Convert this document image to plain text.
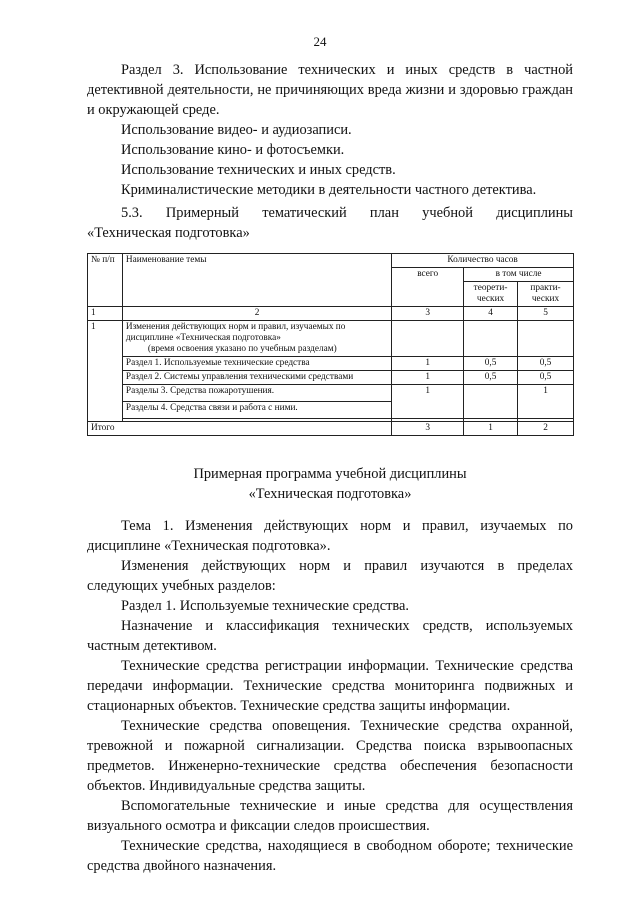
24

Раздел 3. Использование технических и иных средств в частной детективной деятельности, не причиняющих вреда жизни и здоровью граждан и окружающей среде.

Использование видео- и аудиозаписи.

Использование кино- и фотосъемки.

Использование технических и иных средств.

Криминалистические методики в деятельности частного детектива.

5.3. Примерный тематический план учебной дисциплины
«Техническая подготовка»
№ п/п	Наименование темы	Количество часов		
		всего	в том числе	
			теорети-ческих	практи-ческих
1	2	3	4	5
1	Изменения действующих норм и правил, изучаемых по дисциплине «Техническая подготовка»
(время освоения указано по учебным разделам)			

	Раздел 1. Используемые технические средства	1	0,5	0,5
	Раздел 2. Системы управления техническими средствами	1	0,5	0,5
	Разделы 3. Средства пожаротушения.	1		1
	Разделы 4. Средства связи и работа с ними.			

Итого		3	1	2
Примерная программа учебной дисциплины
«Техническая подготовка»

Тема 1. Изменения действующих норм и правил, изучаемых по дисциплине «Техническая подготовка».

Изменения действующих норм и правил изучаются в пределах следующих учебных разделов:

Раздел 1. Используемые технические средства.

Назначение и классификация технических средств, используемых частным детективом.

Технические средства регистрации информации. Технические средства передачи информации. Технические средства мониторинга подвижных и стационарных объектов. Технические средства защиты информации.

Технические средства оповещения. Технические средства охранной, тревожной и пожарной сигнализации. Средства поиска взрывоопасных предметов. Инженерно-технические средства обеспечения безопасности объектов. Индивидуальные средства защиты.

Вспомогательные технические и иные средства для осуществления визуального осмотра и фиксации следов происшествия.

Технические средства, находящиеся в свободном обороте; технические средства двойного назначения.
